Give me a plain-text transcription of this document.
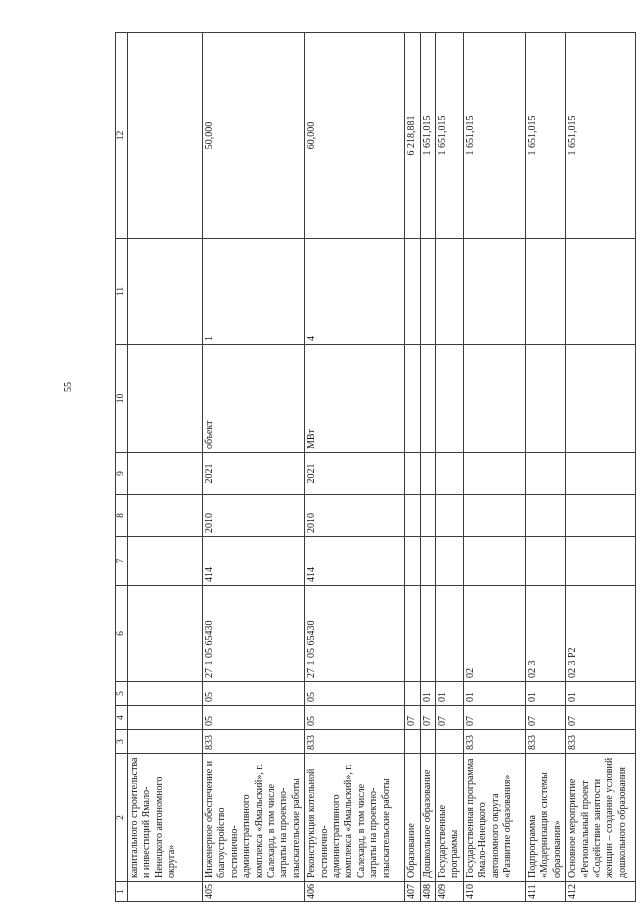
55
1	2	3	4	5	6	7	8	9	10	11	12
	капитального строительства и инвестиций Ямало-Ненецкого автономного округа»										
405	Инженерное обеспечение и благоустройство гостинично-административного комплекса «Ямальский», г. Салехард, в том числе затраты на проектно-изыскательские работы	833	05	05	27 1 05 65430	414	2010	2021	объект	1	50,000
406	Реконструкция котельной гостинично-административного комплекса «Ямальский», г. Салехард, в том числе затраты на проектно-изыскательские работы	833	05	05	27 1 05 65430	414	2010	2021	МВт	4	60,000
407	Образование		07								6 218,881
408	Дошкольное образование		07	01							1 651,015
409	Государственные программы		07	01							1 651,015
410	Государственная программа Ямало-Ненецкого автономного округа «Развитие образования»	833	07	01	02						1 651,015
411	Подпрограмма «Модернизация системы образования»	833	07	01	02 3						1 651,015
412	Основное мероприятие «Региональный проект «Содействие занятости женщин – создание условий дошкольного образования	833	07	01	02 3 P2						1 651,015
